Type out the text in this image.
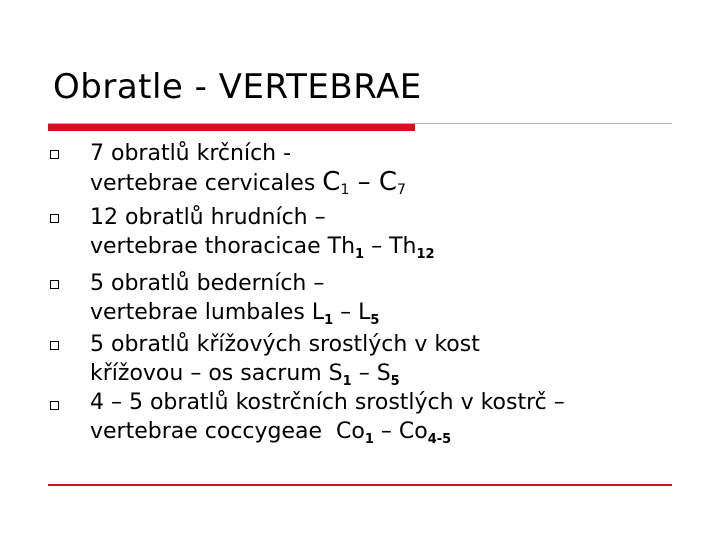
Obratle - VERTEBRAE
7 obratlů krčních -
vertebrae cervicales C1 – C7
12 obratlů hrudních –
vertebrae thoracicae $Th_1 - Th_{12}$
5 obratlů bederních –
vertebrae lumbales $L_1 - L_5$
5 obratlů křížových srostlých v kost
křížovou – os sacrum $S_1 - S_5$
4 – 5 obratlů kostrčních srostlých v kostrč –
vertebrae coccygeae  $Co_1 - Co_{4-5}$
